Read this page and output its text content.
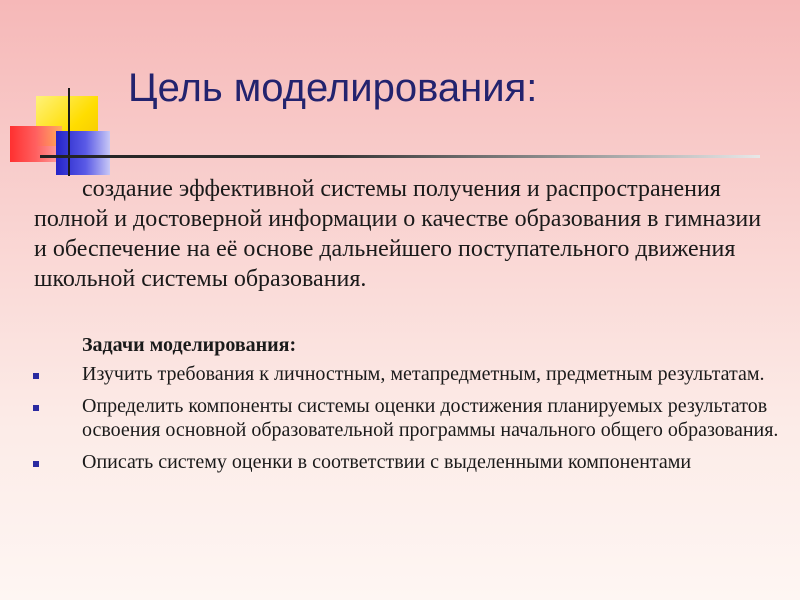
Цель моделирования:

создание эффективной системы получения и распространения полной и достоверной информации о качестве образования в гимназии и обеспечение на её основе дальнейшего поступательного движения школьной системы образования.

Задачи моделирования:

Изучить требования к личностным, метапредметным, предметным результатам.
Определить компоненты системы оценки достижения планируемых результатов освоения основной образовательной программы начального общего образования.
Описать систему оценки в соответствии с выделенными компонентами
